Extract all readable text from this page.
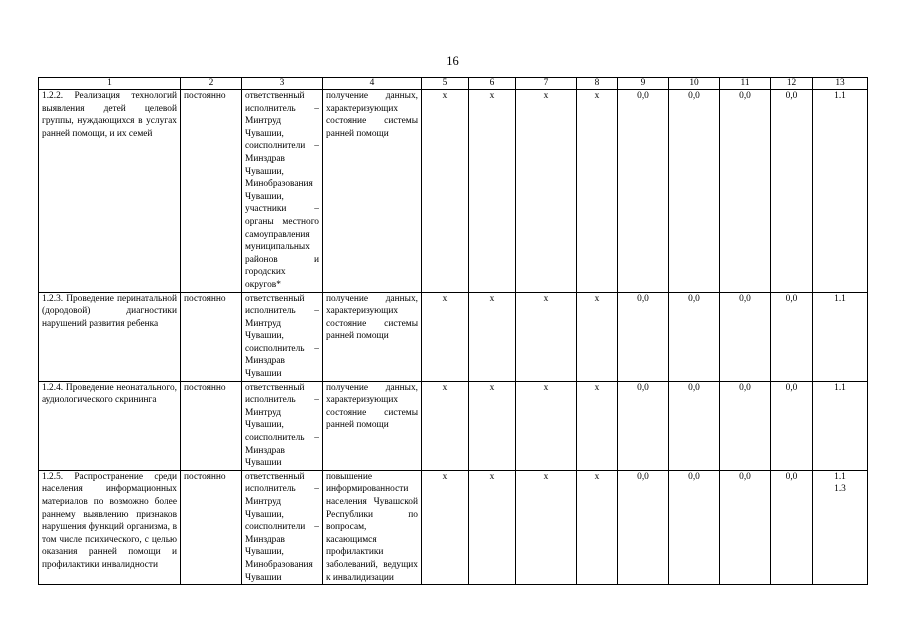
16
1	2	3	4	5	6	7	8	9	10	11	12	13
1.2.2. Реализация технологий выявления детей целевой группы, нуждающихся в услугах ранней помощи, и их семей	постоянно	ответственный исполнитель – Минтруд Чувашии, соисполнители – Минздрав Чувашии, Минобразования Чувашии, участники – органы местного самоуправления муниципальных районов и городских округов*	получение данных, характеризующих состояние системы ранней помощи	x	x	x	x	0,0	0,0	0,0	0,0	1.1

1.2.3. Проведение перинатальной (дородовой) диагностики нарушений развития ребенка	постоянно	ответственный исполнитель – Минтруд Чувашии, соисполнитель – Минздрав Чувашии	получение данных, характеризующих состояние системы ранней помощи	x	x	x	x	0,0	0,0	0,0	0,0	1.1

1.2.4. Проведение неонатального, аудиологического скрининга	постоянно	ответственный исполнитель – Минтруд Чувашии, соисполнитель – Минздрав Чувашии	получение данных, характеризующих состояние системы ранней помощи	x	x	x	x	0,0	0,0	0,0	0,0	1.1

1.2.5. Распространение среди населения информационных материалов по возможно более раннему выявлению признаков нарушения функций организма, в том числе психического, с целью оказания ранней помощи и профилактики инвалидности	постоянно	ответственный исполнитель – Минтруд Чувашии, соисполнители – Минздрав Чувашии, Минобразования Чувашии	повышение информированности населения Чувашской Республики по вопросам, касающимся профилактики заболеваний, ведущих к инвалидизации	x	x	x	x	0,0	0,0	0,0	0,0	1.1
1.3
